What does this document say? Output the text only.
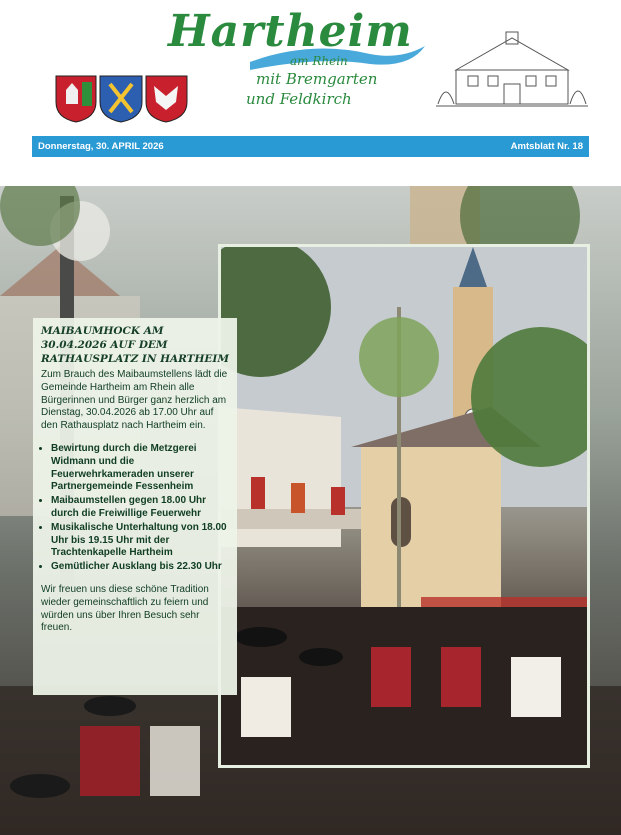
Hartheim
am Rhein
mit Bremgarten
und Feldkirch
Donnerstag, 30. APRIL 2026	Amtsblatt Nr. 18
MAIBAUMHOCK AM 30.04.2026 AUF DEM RATHAUSPLATZ IN HARTHEIM

Zum Brauch des Maibaumstellens lädt die Gemeinde Hartheim am Rhein alle Bürgerinnen und Bürger ganz herzlich am Dienstag, 30.04.2026 ab 17.00 Uhr auf den Rathausplatz nach Hartheim ein.

• Bewirtung durch die Metzgerei Widmann und die Feuerwehrkameraden unserer Partnergemeinde Fessenheim
• Maibaumstellen gegen 18.00 Uhr durch die Freiwillige Feuerwehr
• Musikalische Unterhaltung von 18.00 Uhr bis 19.15 Uhr mit der Trachtenkapelle Hartheim
• Gemütlicher Ausklang bis 22.30 Uhr

Wir freuen uns diese schöne Tradition wieder gemeinschaftlich zu feiern und würden uns über Ihren Besuch sehr freuen.
